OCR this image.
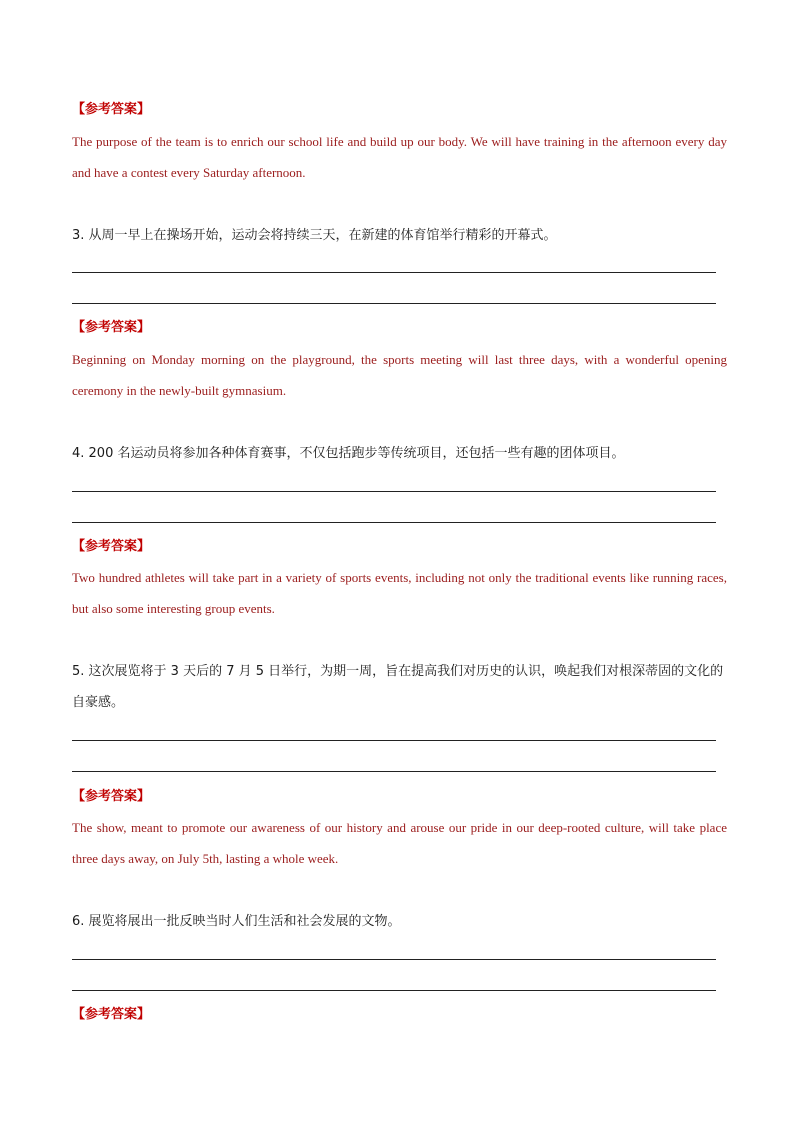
【参考答案】
The purpose of the team is to enrich our school life and build up our body. We will have training in the afternoon every day and have a contest every Saturday afternoon.
3. 从周一早上在操场开始，运动会将持续三天，在新建的体育馆举行精彩的开幕式。
【参考答案】
Beginning on Monday morning on the playground, the sports meeting will last three days, with a wonderful opening ceremony in the newly-built gymnasium.
4. 200 名运动员将参加各种体育赛事，不仅包括跑步等传统项目，还包括一些有趣的团体项目。
【参考答案】
Two hundred athletes will take part in a variety of sports events, including not only the traditional events like running races, but also some interesting group events.
5. 这次展览将于 3 天后的 7 月 5 日举行，为期一周，旨在提高我们对历史的认识，唤起我们对根深蒂固的文化的自豪感。
【参考答案】
The show, meant to promote our awareness of our history and arouse our pride in our deep-rooted culture, will take place three days away, on July 5th, lasting a whole week.
6. 展览将展出一批反映当时人们生活和社会发展的文物。
【参考答案】
